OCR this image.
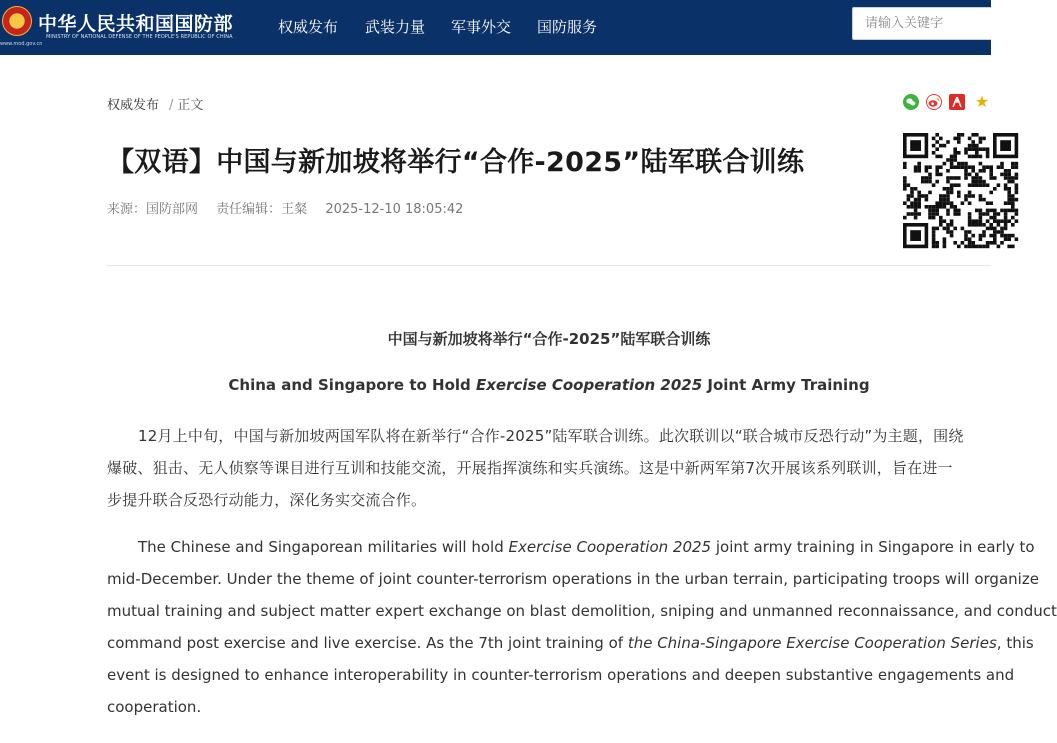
www.mod.gov.cn
中华人民共和国国防部
MINISTRY OF NATIONAL DEFENSE OF THE PEOPLE'S REPUBLIC OF CHINA
权威发布 武装力量 军事外交 国防服务
请输入关键字
权威发布 / 正文	★
【双语】中国与新加坡将举行“合作-2025”陆军联合训练
来源：国防部网 责任编辑：王粲 2025-12-10 18:05:42
中国与新加坡将举行“合作-2025”陆军联合训练
China and Singapore to Hold Exercise Cooperation 2025 Joint Army Training
12月上中旬，中国与新加坡两国军队将在新举行“合作-2025”陆军联合训练。此次联训以“联合城市反恐行动”为主题，围绕
爆破、狙击、无人侦察等课目进行互训和技能交流，开展指挥演练和实兵演练。这是中新两军第7次开展该系列联训，旨在进一
步提升联合反恐行动能力，深化务实交流合作。
The Chinese and Singaporean militaries will hold Exercise Cooperation 2025 joint army training in Singapore in early to
mid-December. Under the theme of joint counter-terrorism operations in the urban terrain, participating troops will organize
mutual training and subject matter expert exchange on blast demolition, sniping and unmanned reconnaissance, and conduct
command post exercise and live exercise. As the 7th joint training of the China-Singapore Exercise Cooperation Series, this
event is designed to enhance interoperability in counter-terrorism operations and deepen substantive engagements and
cooperation.
